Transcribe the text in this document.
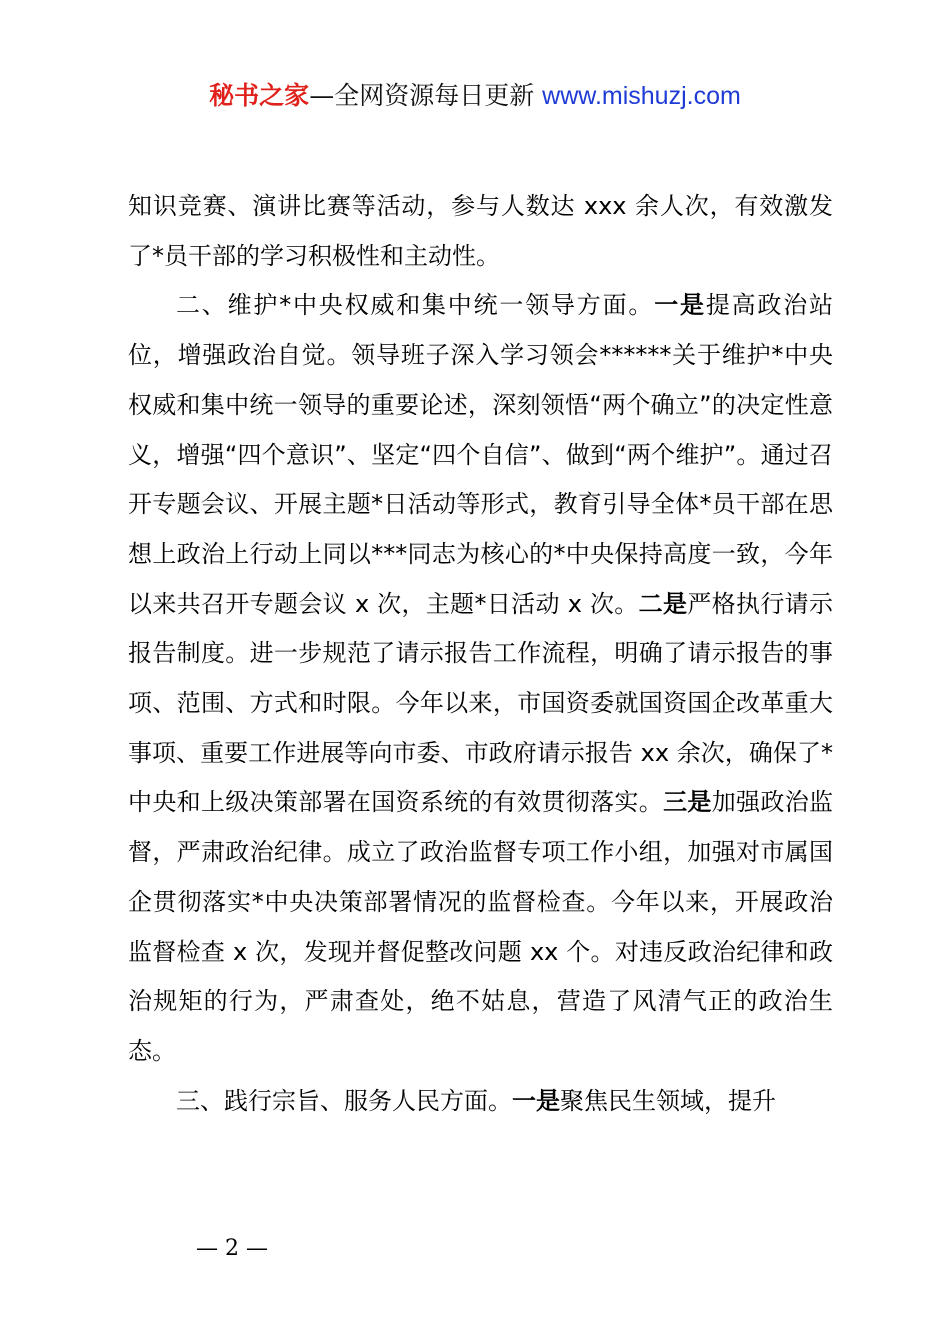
秘书之家—全网资源每日更新 www.mishuzj.com

知识竞赛、演讲比赛等活动，参与人数达 xxx 余人次，有效激发了*员干部的学习积极性和主动性。

二、维护*中央权威和集中统一领导方面。一是提高政治站位，增强政治自觉。领导班子深入学习领会******关于维护*中央权威和集中统一领导的重要论述，深刻领悟“两个确立”的决定性意义，增强“四个意识”、坚定“四个自信”、做到“两个维护”。通过召开专题会议、开展主题*日活动等形式，教育引导全体*员干部在思想上政治上行动上同以***同志为核心的*中央保持高度一致，今年以来共召开专题会议 x 次，主题*日活动 x 次。二是严格执行请示报告制度。进一步规范了请示报告工作流程，明确了请示报告的事项、范围、方式和时限。今年以来，市国资委就国资国企改革重大事项、重要工作进展等向市委、市政府请示报告 xx 余次，确保了*中央和上级决策部署在国资系统的有效贯彻落实。三是加强政治监督，严肃政治纪律。成立了政治监督专项工作小组，加强对市属国企贯彻落实*中央决策部署情况的监督检查。今年以来，开展政治监督检查 x 次，发现并督促整改问题 xx 个。对违反政治纪律和政治规矩的行为，严肃查处，绝不姑息，营造了风清气正的政治生态。

三、践行宗旨、服务人民方面。一是聚焦民生领域，提升

— 2 —
